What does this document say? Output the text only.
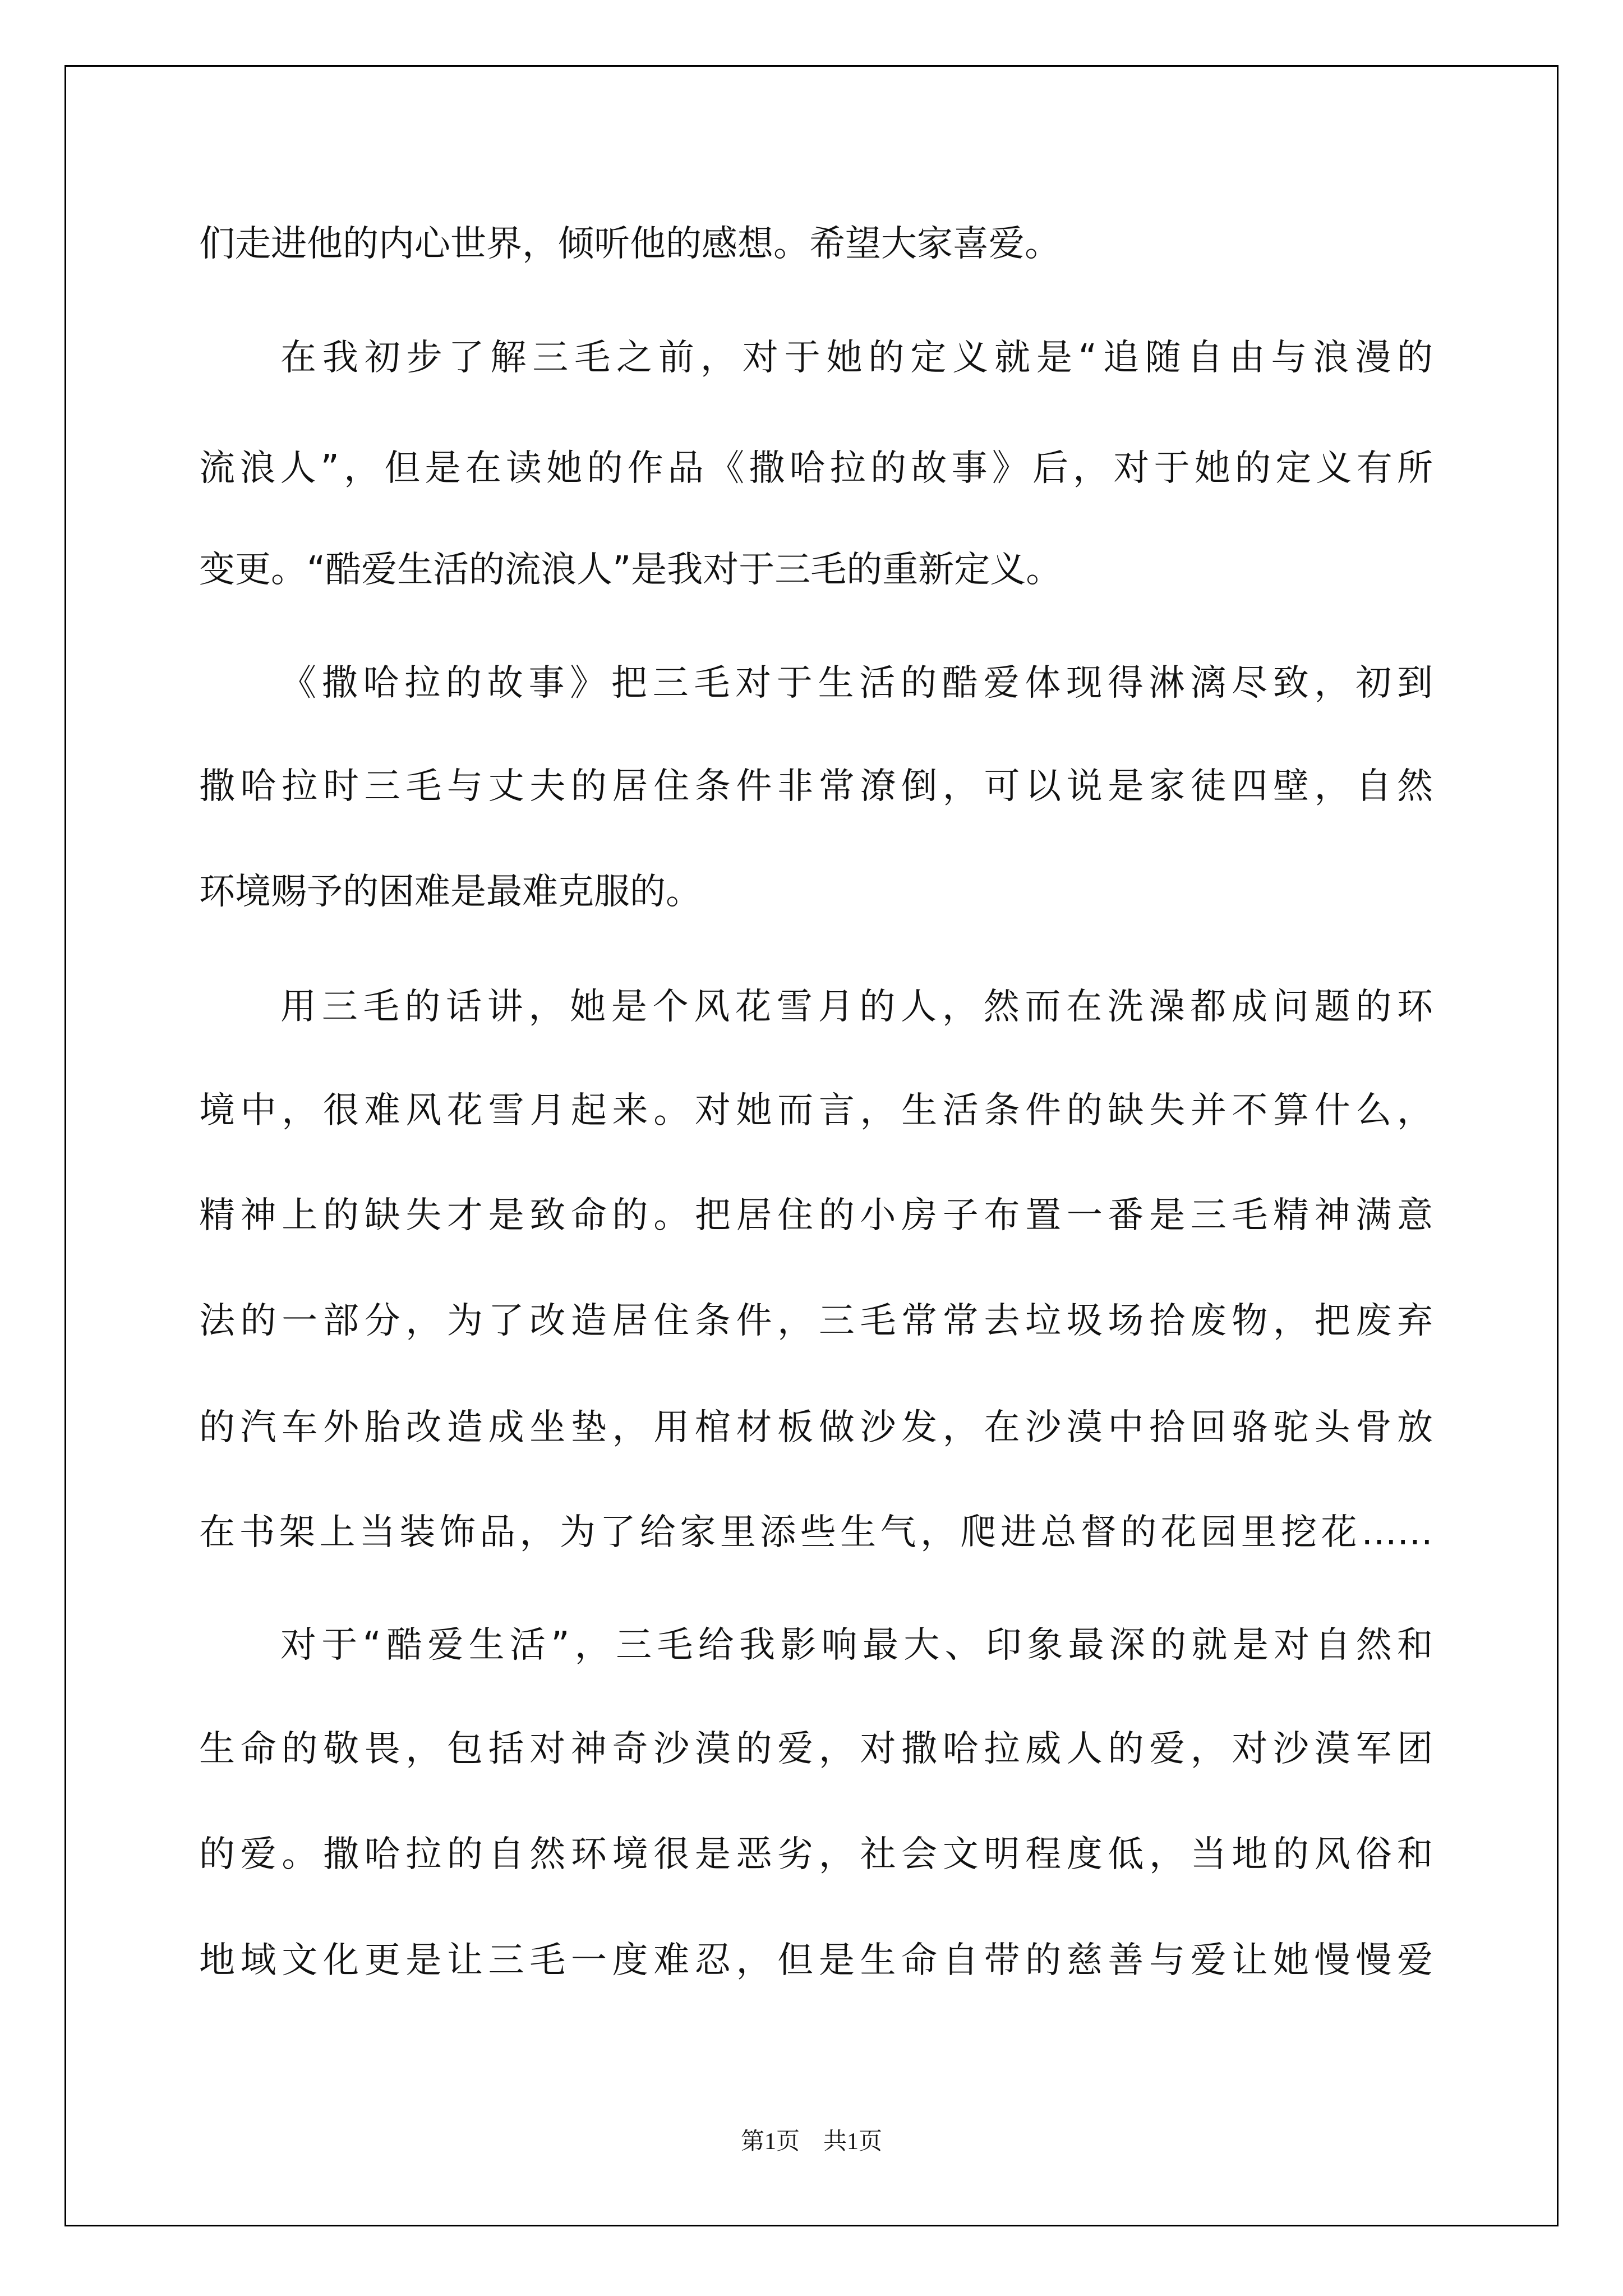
们走进他的内心世界，倾听他的感想。希望大家喜爱。
在我初步了解三毛之前，对于她的定义就是“追随自由与浪漫的
流浪人”，但是在读她的作品《撒哈拉的故事》后，对于她的定义有所
变更。“酷爱生活的流浪人”是我对于三毛的重新定义。
《撒哈拉的故事》把三毛对于生活的酷爱体现得淋漓尽致，初到
撒哈拉时三毛与丈夫的居住条件非常潦倒，可以说是家徒四壁，自然
环境赐予的困难是最难克服的。
用三毛的话讲，她是个风花雪月的人，然而在洗澡都成问题的环
境中，很难风花雪月起来。对她而言，生活条件的缺失并不算什么，
精神上的缺失才是致命的。把居住的小房子布置一番是三毛精神满意
法的一部分，为了改造居住条件，三毛常常去垃圾场拾废物，把废弃
的汽车外胎改造成坐垫，用棺材板做沙发，在沙漠中拾回骆驼头骨放
在书架上当装饰品，为了给家里添些生气，爬进总督的花园里挖花……
对于“酷爱生活”，三毛给我影响最大、印象最深的就是对自然和
生命的敬畏，包括对神奇沙漠的爱，对撒哈拉威人的爱，对沙漠军团
的爱。撒哈拉的自然环境很是恶劣，社会文明程度低，当地的风俗和
地域文化更是让三毛一度难忍，但是生命自带的慈善与爱让她慢慢爱
第1页　共1页
